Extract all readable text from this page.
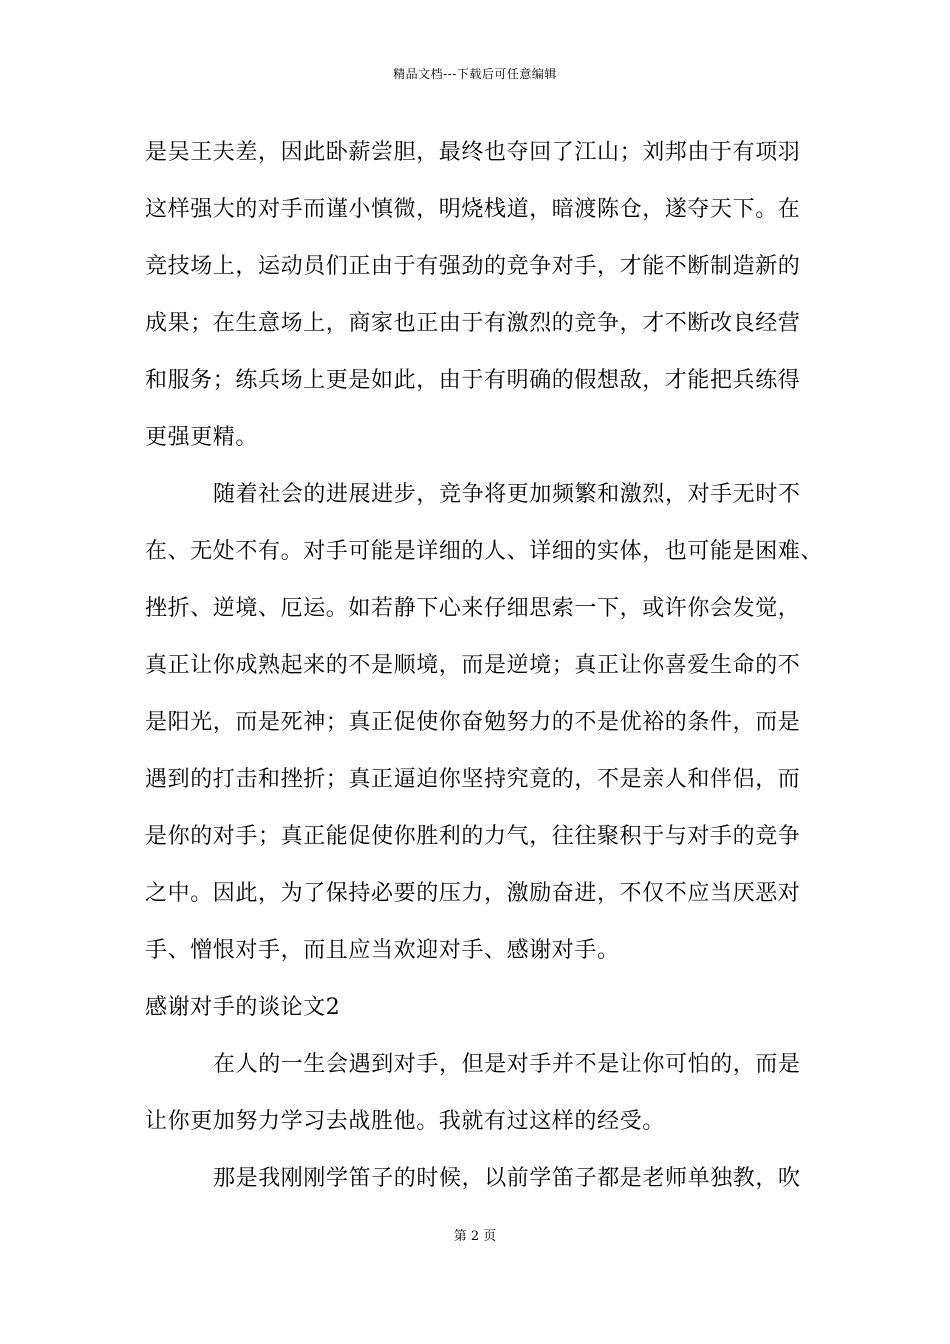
精品文档---下载后可任意编辑
是吴王夫差，因此卧薪尝胆，最终也夺回了江山；刘邦由于有项羽
这样强大的对手而谨小慎微，明烧栈道，暗渡陈仓，遂夺天下。在
竞技场上，运动员们正由于有强劲的竞争对手，才能不断制造新的
成果；在生意场上，商家也正由于有激烈的竞争，才不断改良经营
和服务；练兵场上更是如此，由于有明确的假想敌，才能把兵练得
更强更精。
随着社会的进展进步，竞争将更加频繁和激烈，对手无时不
在、无处不有。对手可能是详细的人、详细的实体，也可能是困难、
挫折、逆境、厄运。如若静下心来仔细思索一下，或许你会发觉，
真正让你成熟起来的不是顺境，而是逆境；真正让你喜爱生命的不
是阳光，而是死神；真正促使你奋勉努力的不是优裕的条件，而是
遇到的打击和挫折；真正逼迫你坚持究竟的，不是亲人和伴侣，而
是你的对手；真正能促使你胜利的力气，往往聚积于与对手的竞争
之中。因此，为了保持必要的压力，激励奋进，不仅不应当厌恶对
手、憎恨对手，而且应当欢迎对手、感谢对手。
感谢对手的谈论文2
在人的一生会遇到对手，但是对手并不是让你可怕的，而是
让你更加努力学习去战胜他。我就有过这样的经受。
那是我刚刚学笛子的时候，以前学笛子都是老师单独教，吹
第 2 页
